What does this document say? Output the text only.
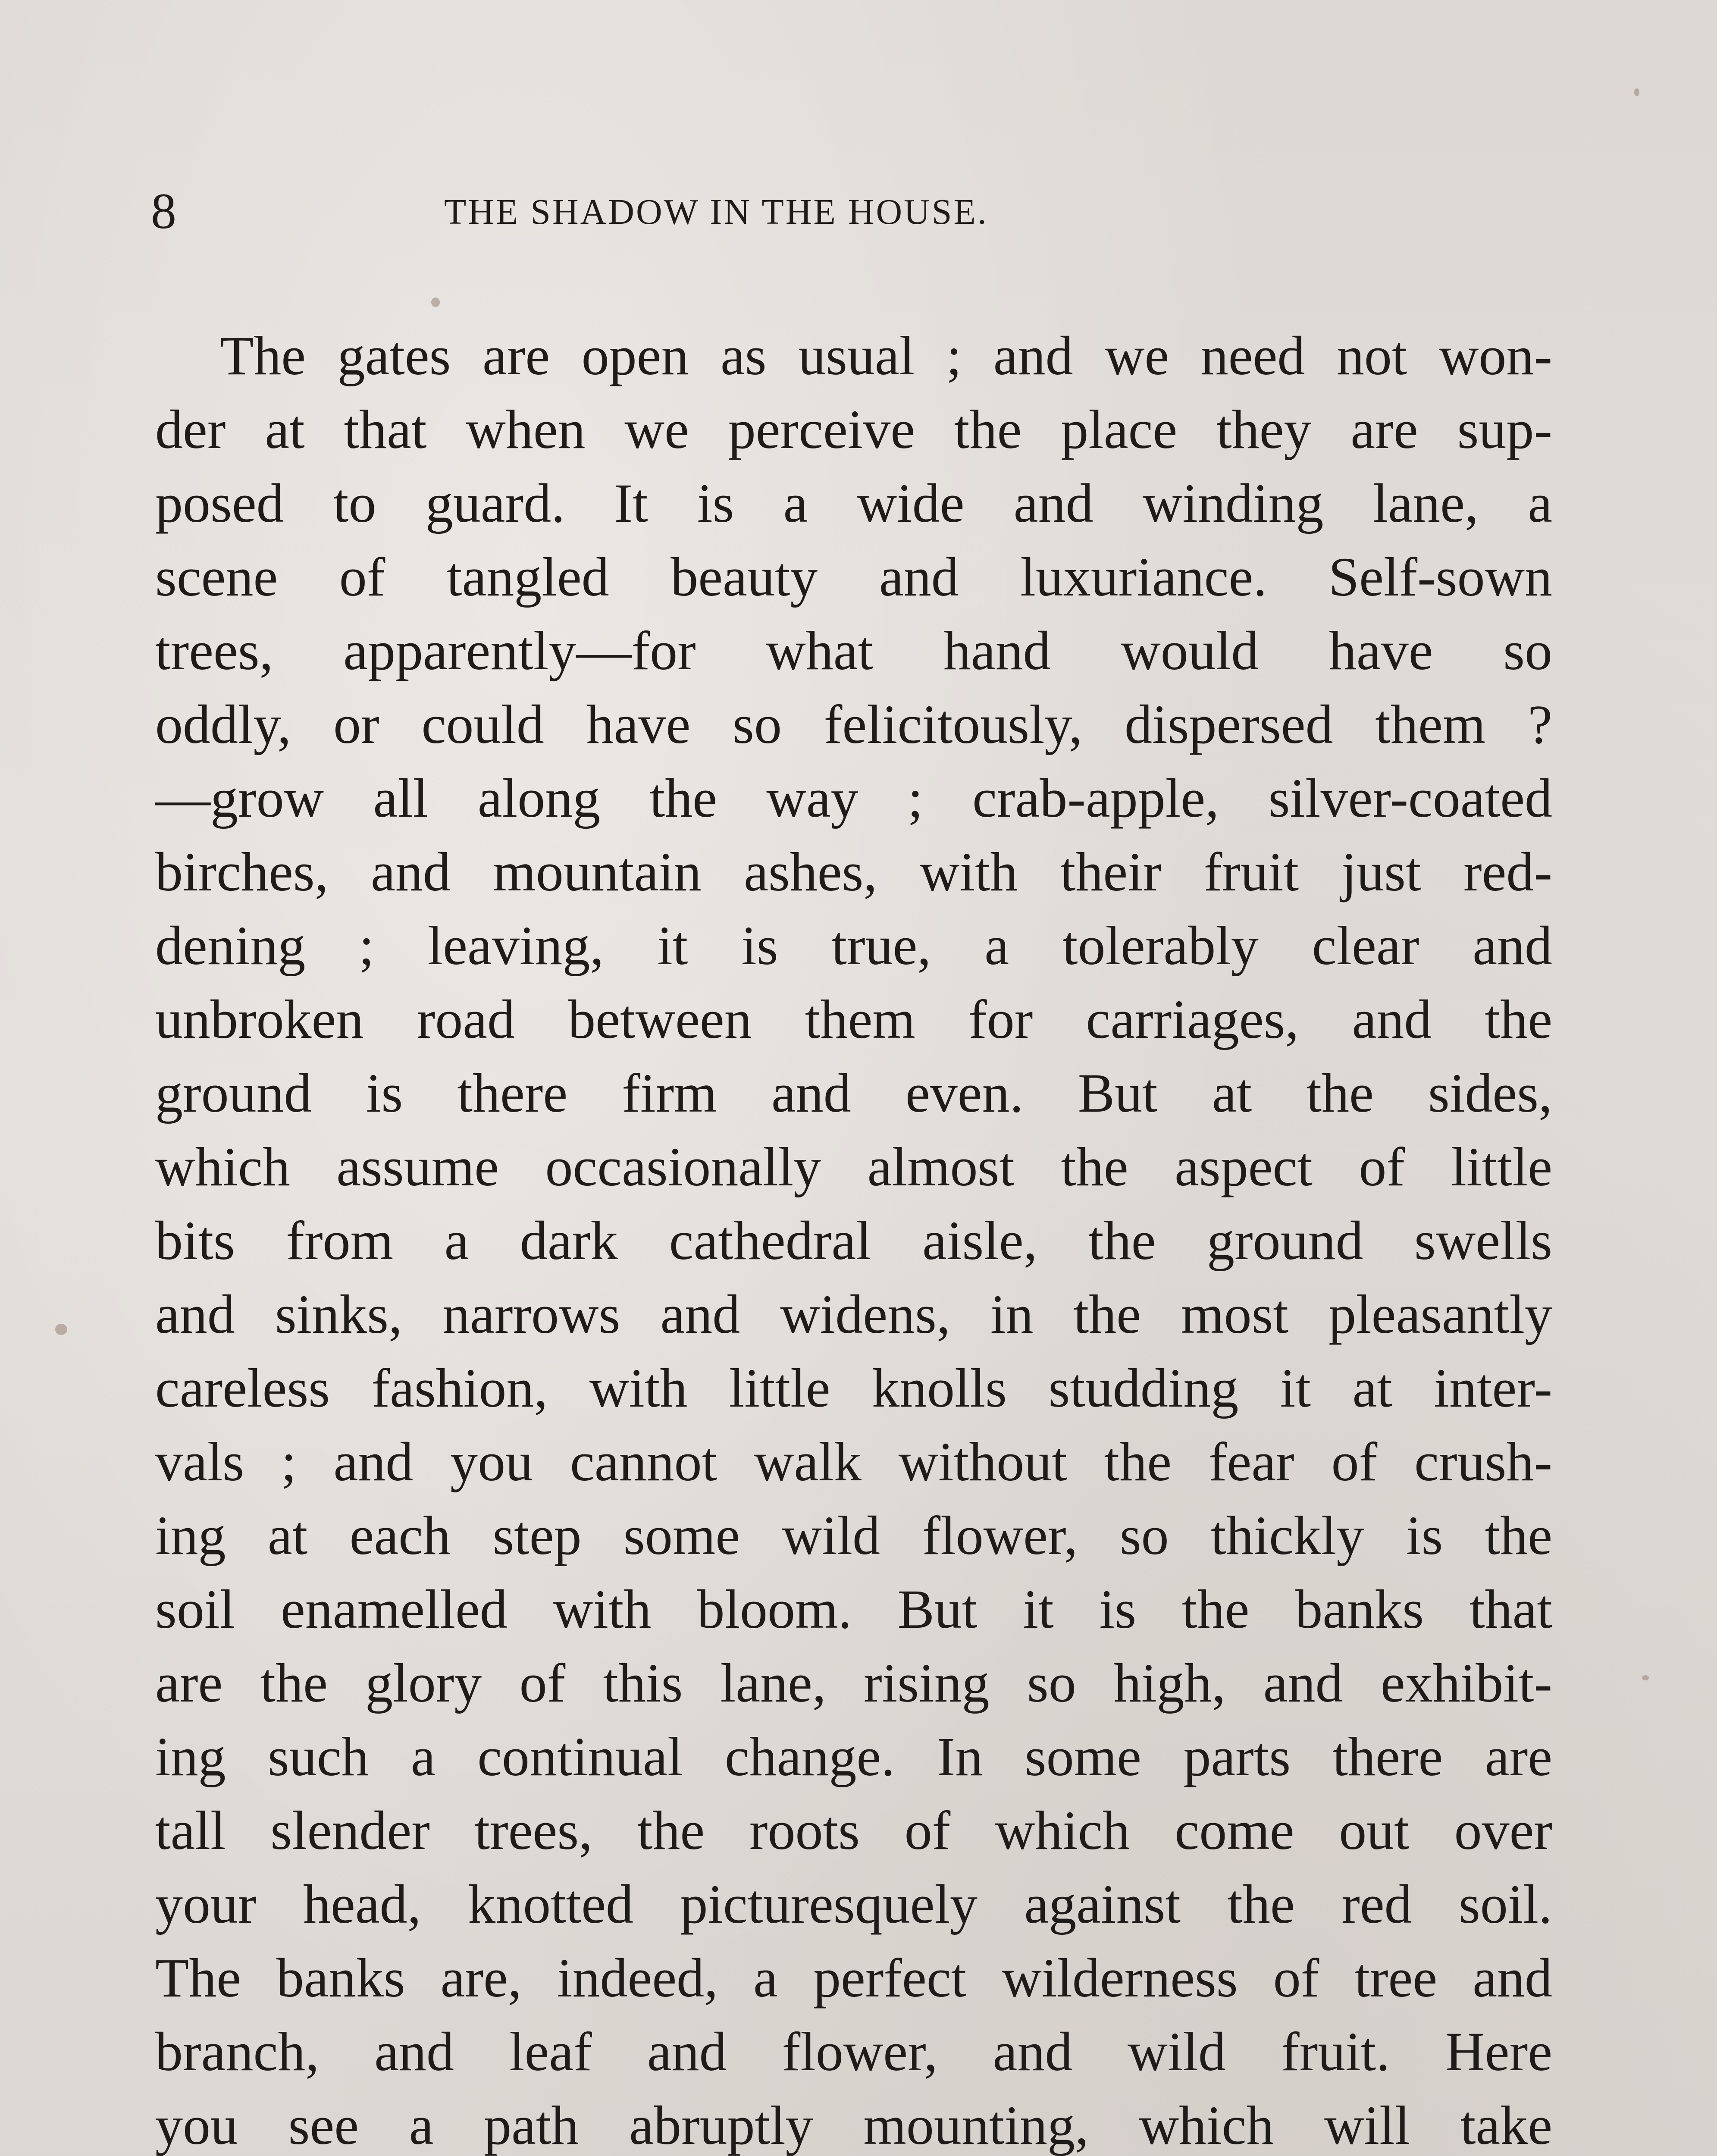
8	THE SHADOW IN THE HOUSE.
The gates are open as usual ; and we need not won-
der at that when we perceive the place they are sup-
posed to guard. It is a wide and winding lane, a
scene of tangled beauty and luxuriance. Self-sown
trees, apparently—for what hand would have so
oddly, or could have so felicitously, dispersed them ?
—grow all along the way ; crab-apple, silver-coated
birches, and mountain ashes, with their fruit just red-
dening ; leaving, it is true, a tolerably clear and
unbroken road between them for carriages, and the
ground is there firm and even. But at the sides,
which assume occasionally almost the aspect of little
bits from a dark cathedral aisle, the ground swells
and sinks, narrows and widens, in the most pleasantly
careless fashion, with little knolls studding it at inter-
vals ; and you cannot walk without the fear of crush-
ing at each step some wild flower, so thickly is the
soil enamelled with bloom. But it is the banks that
are the glory of this lane, rising so high, and exhibit-
ing such a continual change. In some parts there are
tall slender trees, the roots of which come out over
your head, knotted picturesquely against the red soil.
The banks are, indeed, a perfect wilderness of tree and
branch, and leaf and flower, and wild fruit. Here
you see a path abruptly mounting, which will take
